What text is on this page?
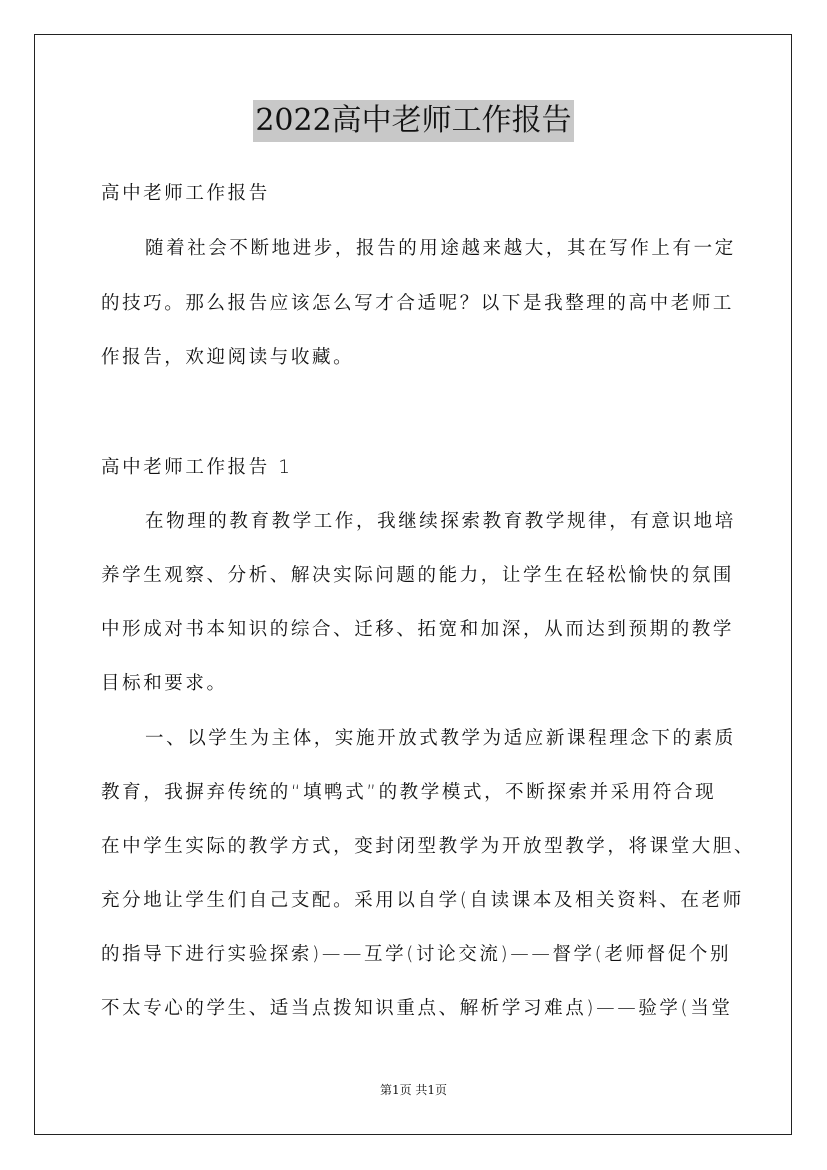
2022高中老师工作报告
高中老师工作报告
随着社会不断地进步，报告的用途越来越大，其在写作上有一定
的技巧。那么报告应该怎么写才合适呢？以下是我整理的高中老师工
作报告，欢迎阅读与收藏。
高中老师工作报告 1
在物理的教育教学工作，我继续探索教育教学规律，有意识地培
养学生观察、分析、解决实际问题的能力，让学生在轻松愉快的氛围
中形成对书本知识的综合、迁移、拓宽和加深，从而达到预期的教学
目标和要求。
一、以学生为主体，实施开放式教学为适应新课程理念下的素质
教育，我摒弃传统的“填鸭式”的教学模式，不断探索并采用符合现
在中学生实际的教学方式，变封闭型教学为开放型教学，将课堂大胆、
充分地让学生们自己支配。采用以自学(自读课本及相关资料、在老师
的指导下进行实验探索)——互学(讨论交流)——督学(老师督促个别
不太专心的学生、适当点拨知识重点、解析学习难点)——验学(当堂
第1页 共1页
